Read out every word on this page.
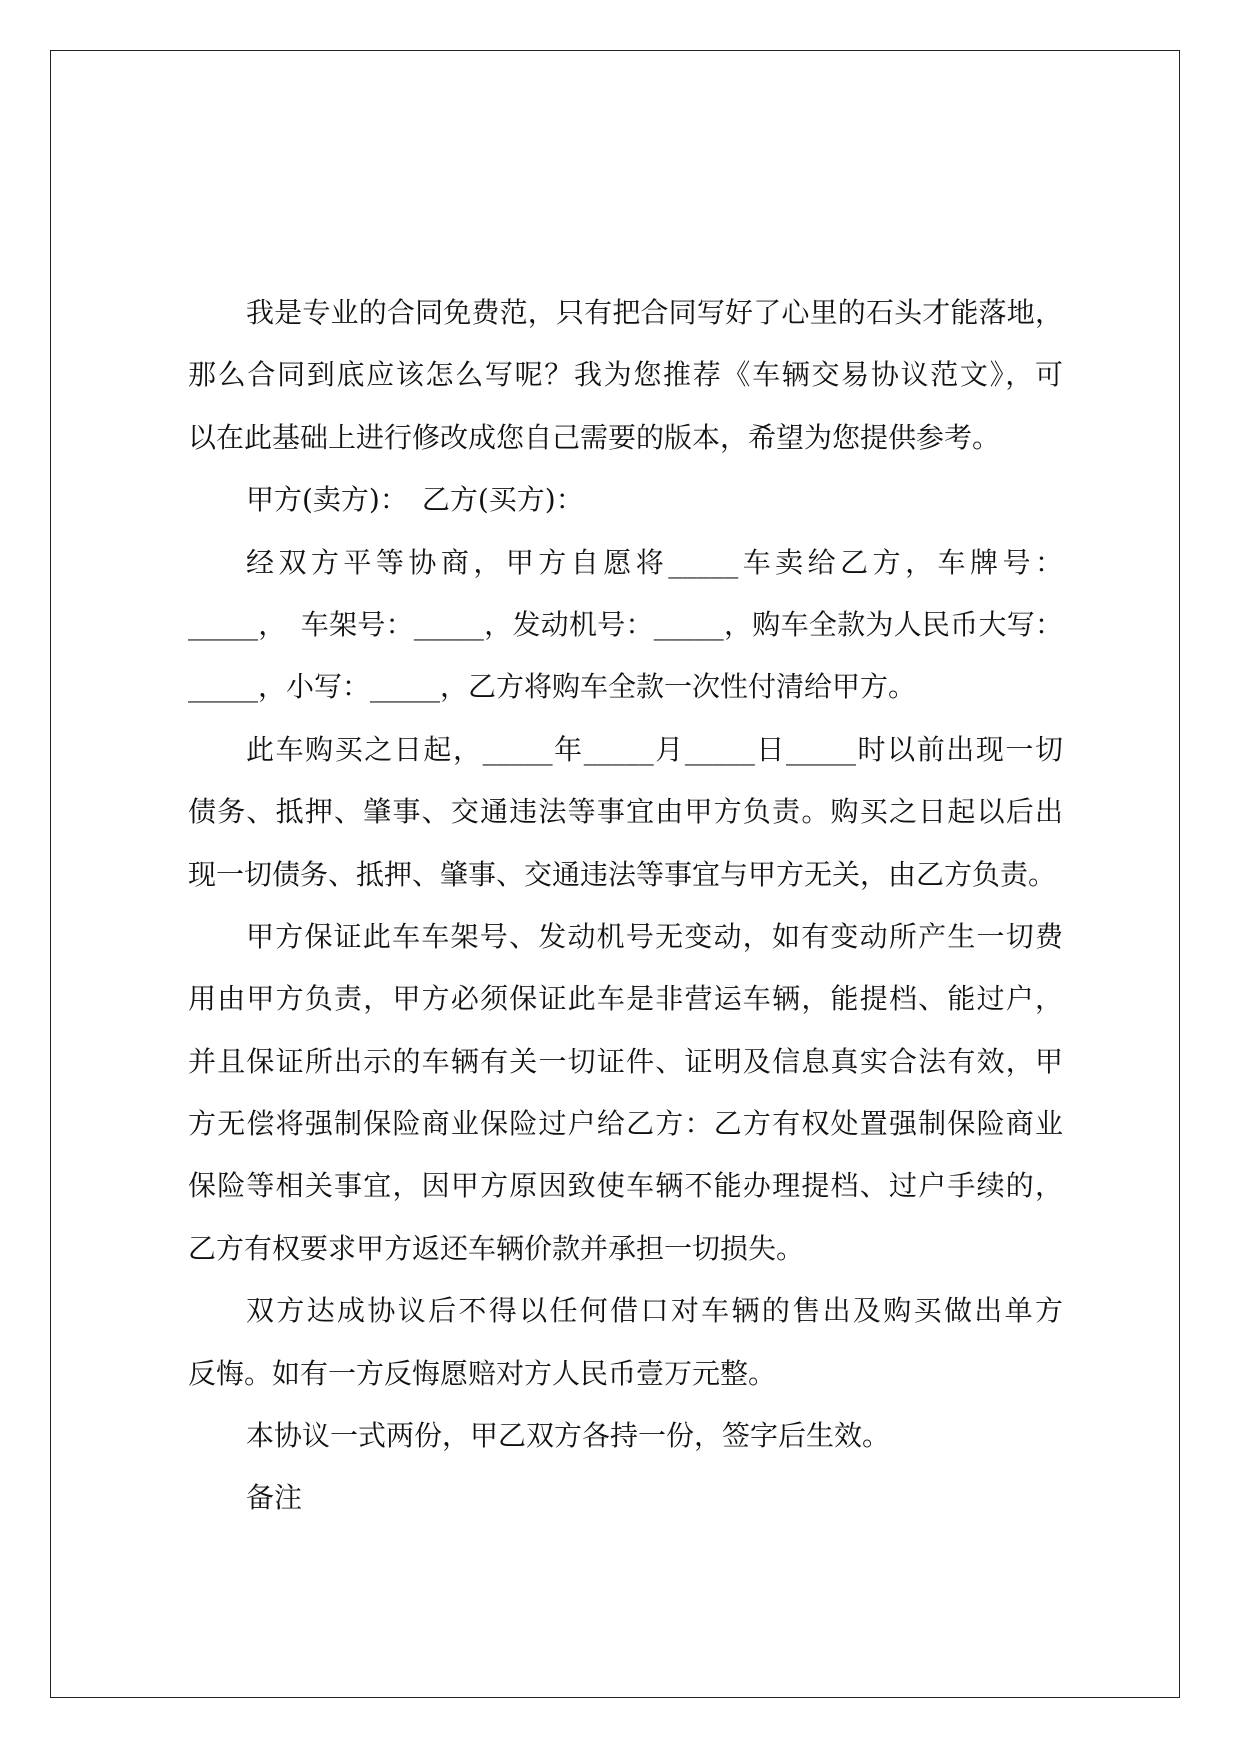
我是专业的合同免费范，只有把合同写好了心里的石头才能落地，
那么合同到底应该怎么写呢？我为您推荐《车辆交易协议范文》，可
以在此基础上进行修改成您自己需要的版本，希望为您提供参考。
甲方(卖方)：　乙方(买方)：
经双方平等协商，甲方自愿将_____车卖给乙方，车牌号：
_____，　车架号：_____，发动机号：_____，购车全款为人民币大写：
_____，小写：_____，乙方将购车全款一次性付清给甲方。
此车购买之日起，_____年_____月_____日_____时以前出现一切
债务、抵押、肇事、交通违法等事宜由甲方负责。购买之日起以后出
现一切债务、抵押、肇事、交通违法等事宜与甲方无关，由乙方负责。
甲方保证此车车架号、发动机号无变动，如有变动所产生一切费
用由甲方负责，甲方必须保证此车是非营运车辆，能提档、能过户，
并且保证所出示的车辆有关一切证件、证明及信息真实合法有效，甲
方无偿将强制保险商业保险过户给乙方：乙方有权处置强制保险商业
保险等相关事宜，因甲方原因致使车辆不能办理提档、过户手续的，
乙方有权要求甲方返还车辆价款并承担一切损失。
双方达成协议后不得以任何借口对车辆的售出及购买做出单方
反悔。如有一方反悔愿赔对方人民币壹万元整。
本协议一式两份，甲乙双方各持一份，签字后生效。
备注
